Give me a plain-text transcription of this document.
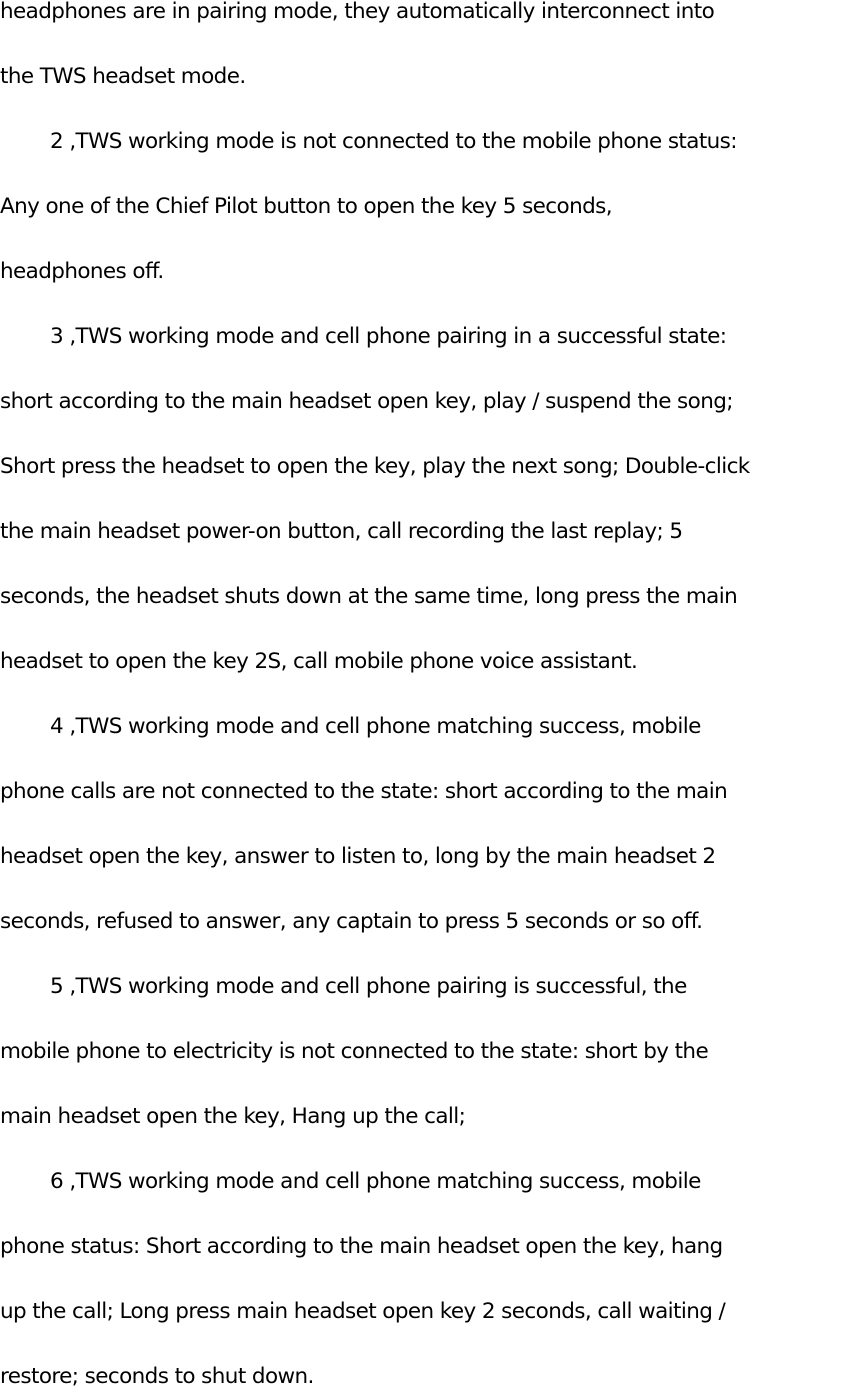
headphones are in pairing mode, they automatically interconnect into
the TWS headset mode.
2 ,TWS working mode is not connected to the mobile phone status:
Any one of the Chief Pilot button to open the key 5 seconds,
headphones off.
3 ,TWS working mode and cell phone pairing in a successful state:
short according to the main headset open key, play / suspend the song;
Short press the headset to open the key, play the next song; Double-click
the main headset power-on button, call recording the last replay; 5
seconds, the headset shuts down at the same time, long press the main
headset to open the key 2S, call mobile phone voice assistant.
4 ,TWS working mode and cell phone matching success, mobile
phone calls are not connected to the state: short according to the main
headset open the key, answer to listen to, long by the main headset 2
seconds, refused to answer, any captain to press 5 seconds or so off.
5 ,TWS working mode and cell phone pairing is successful, the
mobile phone to electricity is not connected to the state: short by the
main headset open the key, Hang up the call;
6 ,TWS working mode and cell phone matching success, mobile
phone status: Short according to the main headset open the key, hang
up the call; Long press main headset open key 2 seconds, call waiting /
restore; seconds to shut down.
